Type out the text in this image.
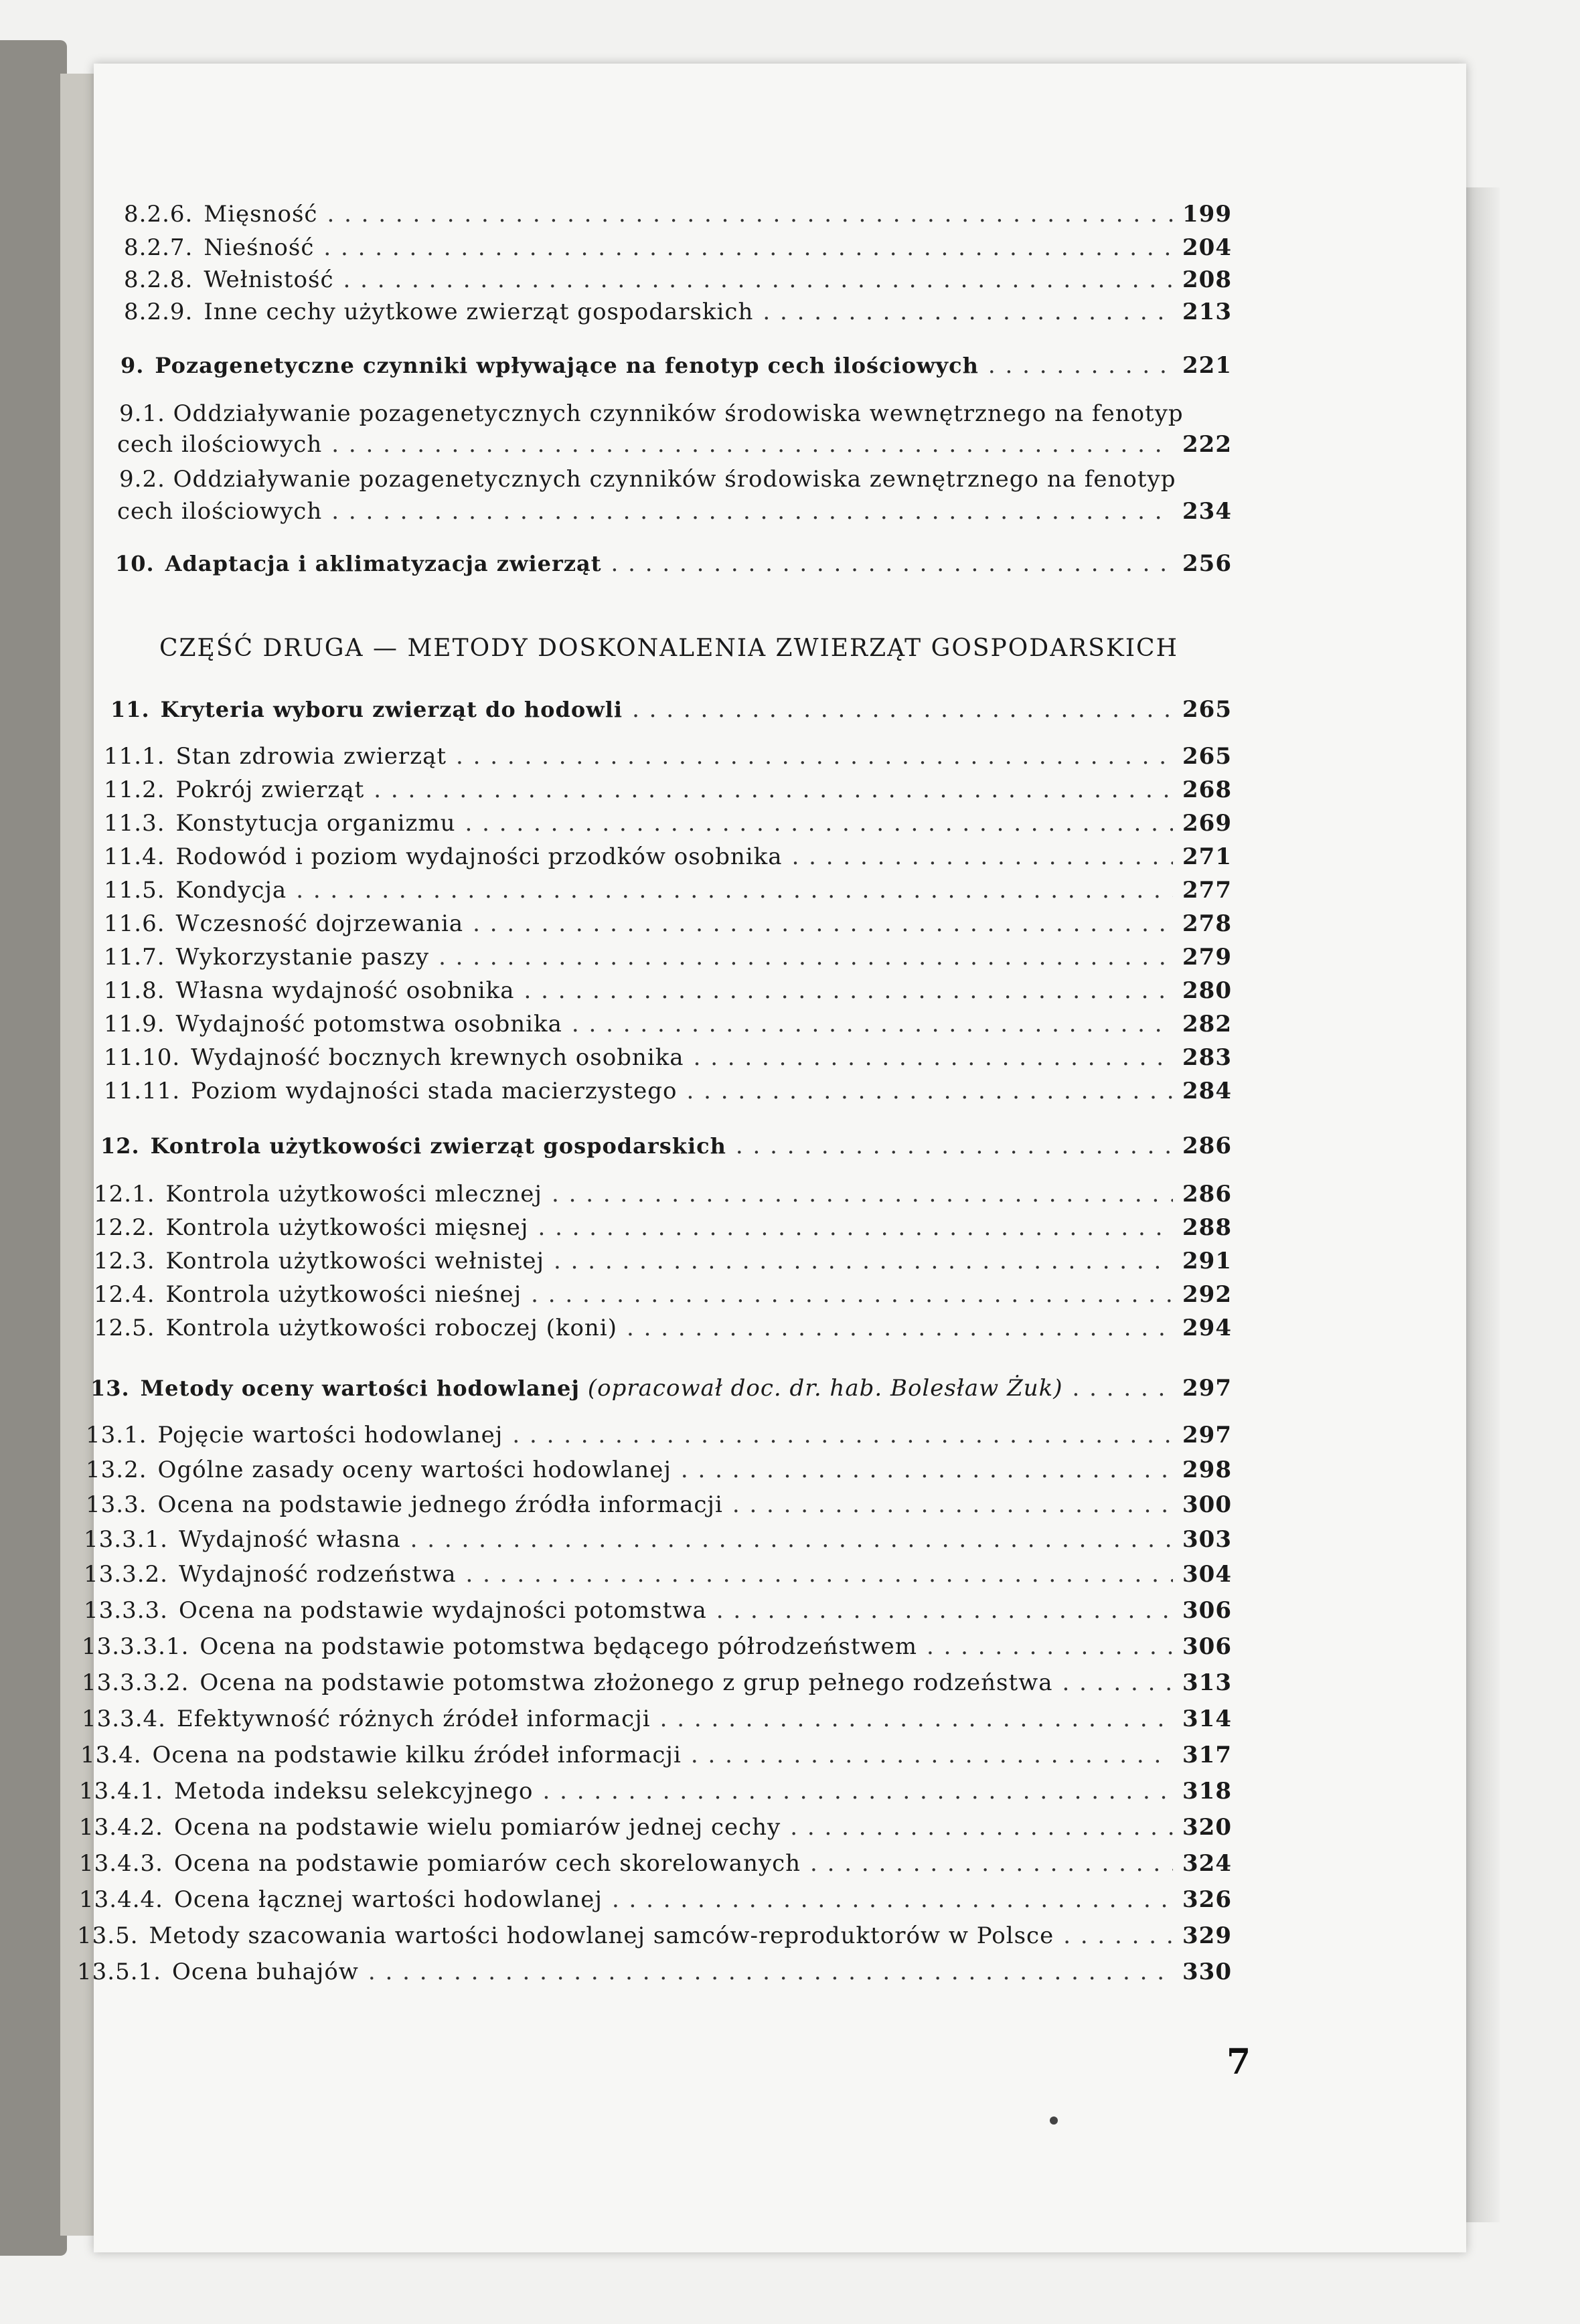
8.2.6. Mięsność . . .	199
8.2.7. Nieśność . . .	204
8.2.8. Wełnistość . . .	208
8.2.9. Inne cechy użytkowe zwierząt gospodarskich . . .	213
9. Pozagenetyczne czynniki wpływające na fenotyp cech ilościowych . . .	221
9.1. Oddziaływanie pozagenetycznych czynników środowiska wewnętrznego na fenotyp
cech ilościowych . . .	222
9.2. Oddziaływanie pozagenetycznych czynników środowiska zewnętrznego na fenotyp
cech ilościowych . . .	234
10. Adaptacja i aklimatyzacja zwierząt . . .	256
CZĘŚĆ DRUGA — METODY DOSKONALENIA ZWIERZĄT GOSPODARSKICH
11. Kryteria wyboru zwierząt do hodowli . . .	265
11.1. Stan zdrowia zwierząt . . .	265
11.2. Pokrój zwierząt . . .	268
11.3. Konstytucja organizmu . . .	269
11.4. Rodowód i poziom wydajności przodków osobnika . . .	271
11.5. Kondycja . . .	277
11.6. Wczesność dojrzewania . . .	278
11.7. Wykorzystanie paszy . . .	279
11.8. Własna wydajność osobnika . . .	280
11.9. Wydajność potomstwa osobnika . . .	282
11.10. Wydajność bocznych krewnych osobnika . . .	283
11.11. Poziom wydajności stada macierzystego . . .	284
12. Kontrola użytkowości zwierząt gospodarskich . . .	286
12.1. Kontrola użytkowości mlecznej . . .	286
12.2. Kontrola użytkowości mięsnej . . .	288
12.3. Kontrola użytkowości wełnistej . . .	291
12.4. Kontrola użytkowości nieśnej . . .	292
12.5. Kontrola użytkowości roboczej (koni) . . .	294
13. Metody oceny wartości hodowlanej (opracował doc. dr. hab. Bolesław Żuk) . . .	297
13.1. Pojęcie wartości hodowlanej . . .	297
13.2. Ogólne zasady oceny wartości hodowlanej . . .	298
13.3. Ocena na podstawie jednego źródła informacji . . .	300
13.3.1. Wydajność własna . . .	303
13.3.2. Wydajność rodzeństwa . . .	304
13.3.3. Ocena na podstawie wydajności potomstwa . . .	306
13.3.3.1. Ocena na podstawie potomstwa będącego półrodzeństwem . . .	306
13.3.3.2. Ocena na podstawie potomstwa złożonego z grup pełnego rodzeństwa . . .	313
13.3.4. Efektywność różnych źródeł informacji . . .	314
13.4. Ocena na podstawie kilku źródeł informacji . . .	317
13.4.1. Metoda indeksu selekcyjnego . . .	318
13.4.2. Ocena na podstawie wielu pomiarów jednej cechy . . .	320
13.4.3. Ocena na podstawie pomiarów cech skorelowanych . . .	324
13.4.4. Ocena łącznej wartości hodowlanej . . .	326
13.5. Metody szacowania wartości hodowlanej samców-reproduktorów w Polsce . . .	329
13.5.1. Ocena buhajów . . .	330
7
